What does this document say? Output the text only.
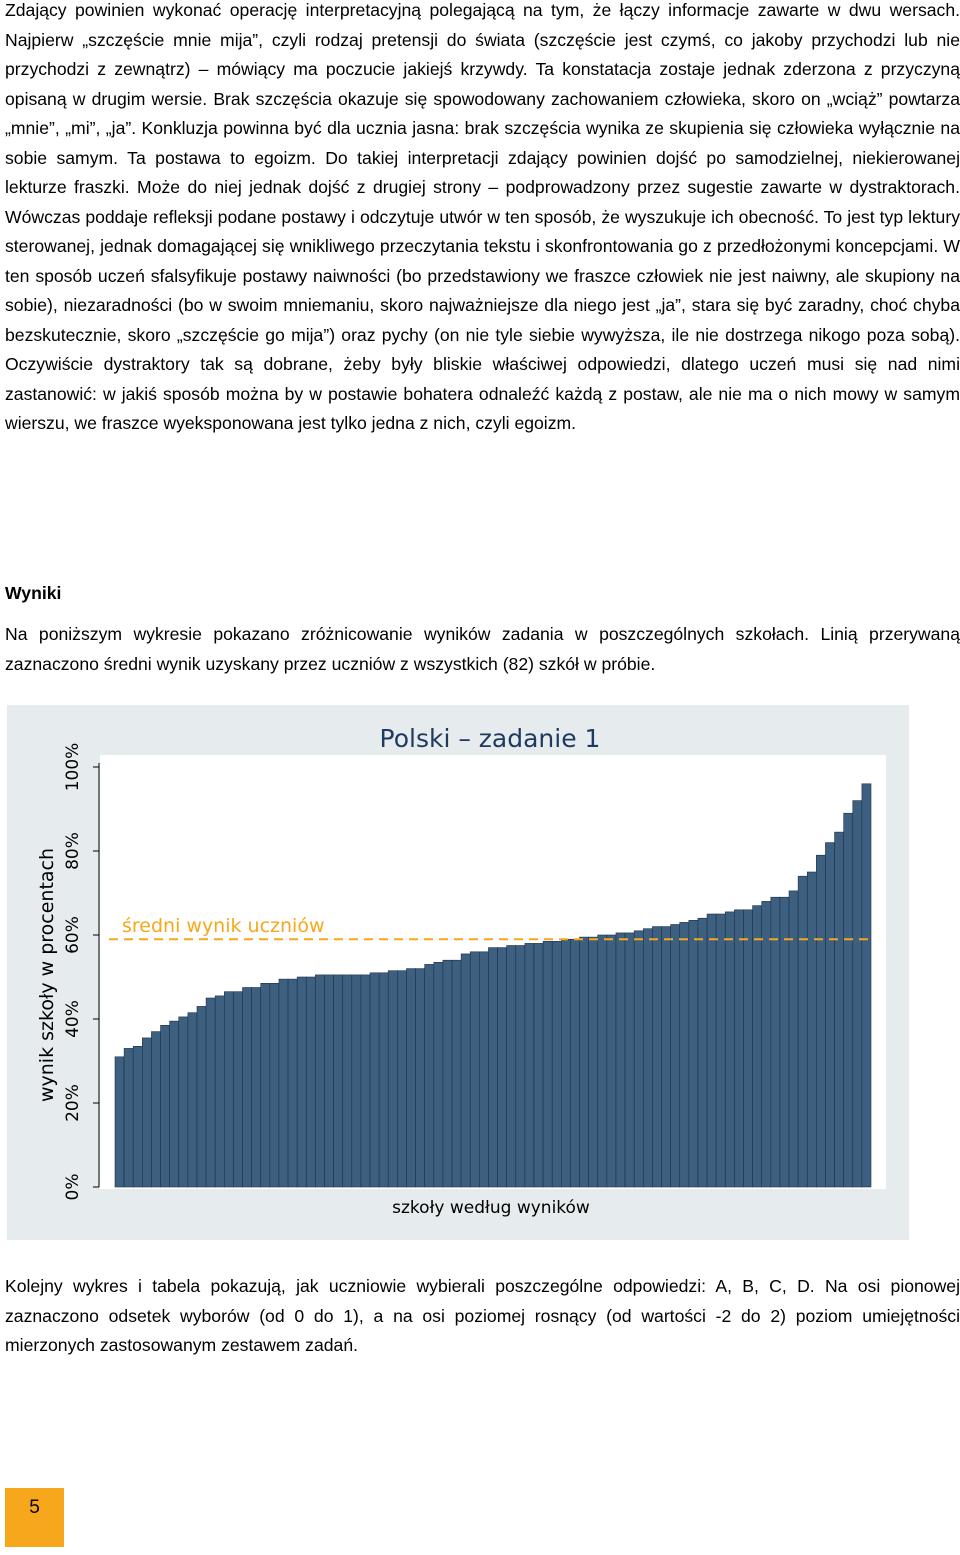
Zdający powinien wykonać operację interpretacyjną polegającą na tym, że łączy informacje zawarte w dwu wersach. Najpierw „szczęście mnie mija”, czyli rodzaj pretensji do świata (szczęście jest czymś, co jakoby przychodzi lub nie przychodzi z zewnątrz) – mówiący ma poczucie jakiejś krzywdy. Ta konstatacja zostaje jednak zderzona z przyczyną opisaną w drugim wersie. Brak szczęścia okazuje się spowodowany zachowaniem człowieka, skoro on „wciąż” powtarza „mnie”, „mi”, „ja”. Konkluzja powinna być dla ucznia jasna: brak szczęścia wynika ze skupienia się człowieka wyłącznie na sobie samym. Ta postawa to egoizm. Do takiej interpretacji zdający powinien dojść po samodzielnej, niekierowanej lekturze fraszki. Może do niej jednak dojść z drugiej strony – podprowadzony przez sugestie zawarte w dystraktorach. Wówczas poddaje refleksji podane postawy i odczytuje utwór w ten sposób, że wyszukuje ich obecność. To jest typ lektury sterowanej, jednak domagającej się wnikliwego przeczytania tekstu i skonfrontowania go z przedłożonymi koncepcjami. W ten sposób uczeń sfalsyfikuje postawy naiwności (bo przedstawiony we fraszce człowiek nie jest naiwny, ale skupiony na sobie), niezaradności (bo w swoim mniemaniu, skoro najważniejsze dla niego jest „ja”, stara się być zaradny, choć chyba bezskutecznie, skoro „szczęście go mija”) oraz pychy (on nie tyle siebie wywyższa, ile nie dostrzega nikogo poza sobą). Oczywiście dystraktory tak są dobrane, żeby były bliskie właściwej odpowiedzi, dlatego uczeń musi się nad nimi zastanowić: w jakiś sposób można by w postawie bohatera odnaleźć każdą z postaw, ale nie ma o nich mowy w samym wierszu, we fraszce wyeksponowana jest tylko jedna z nich, czyli egoizm.

Wyniki

Na poniższym wykresie pokazano zróżnicowanie wyników zadania w poszczególnych szkołach. Linią przerywaną zaznaczono średni wynik uzyskany przez uczniów z wszystkich (82) szkół w próbie.

Polski – zadanie 1
0%
20%
40%
60%
80%
100%
wynik szkoły w procentach	średni wynik uczniów
szkoły według wyników

Kolejny wykres i tabela pokazują, jak uczniowie wybierali poszczególne odpowiedzi: A, B, C, D. Na osi pionowej zaznaczono odsetek wyborów (od 0 do 1), a na osi poziomej rosnący (od wartości -2 do 2) poziom umiejętności mierzonych zastosowanym zestawem zadań.

5
